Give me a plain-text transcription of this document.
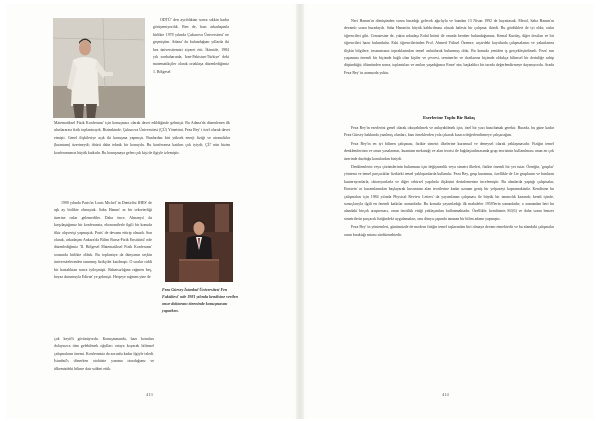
ODTÜ' den ayrıldıktan sonra sıkkin kadar görüşemiyordık. Ben de, bazı arkadaşımla birlikte 1978 yılında Çukurova Üniversitesi' ne geçmiştim. Adana' da bulunduğum yıllarda iki kez üniversitemizi ziyaret etti. İkincide, 1984 yılı sonbaharında, Iran-Pakistan-Türkiye' deki matematikçiler olarak ortaklaşa düzenlediğimiz 1. Bölgesel

Matematiksel Fizik Konferansı' için konuşmacı olarak davet edildiğinde gelmişti. Bu Adana'da düzenlenen ilk uluslararası fizik toplantısıydı. Bizimkinde, Çukurova Üniversitesi (ÇÜ) Yönetimi, Feza Bey' i özel olarak davet etmişti. Genel ilişkileriye açık iki konuşma yapmıştı. Bunlardan biri yüksek enerji fiziği ve atomaltılar (kuantum) üzerineydi; öbürü daha teknik bir konuydu. Bu konferansa katılım çok iyiydi; ÇÜ' nün bizim konferansımız büyük katkıdır. Bu konuşmaya gelen çok kişi de ilgiyle izlemiştir.

1990 yılında Paris'in Louis Michel' in Dentirlist IHES' de aşk ay birlikte olmuştuk. Saba Hanım' ın bir sekreterliği üzerine onlar gelemediler. Daha önce, Almanya' da karşılaştığımız bir konferansta, ekonomilerle ilgili bir konuda fikir alışverişi yapmıştık. Paris' de devamı ettirip olmadı. Son olarak, arkadaşım Ankara'da Bilim Bursa-Fizik Enstitüsü' nde düzenlediğimiz 'II. Bölgesel Matematiksel Fizik Konferansı' sırasında birlikte olduk. Bu toplantıya da dünyanın seçkin üniversitelerinden tanınmış fizikçiler katılmıştı. O sıralar ciddi bir hastalıktan sonra iyileşmişti. Rahatsızlığına rağmen beş, beyaz durumuyla Edirne' ye gelmişti. Herşeye rağmen yine de

Feza Gürsey İstanbul Üniversitesi Fen Fakültesi' nde 1981 yılında kendisine verilen onur doktoranı töreninde konuşmasını yaparken.

çok keyifli görünüyordu. Konuşmasında, bazı konuları dolaysızca tüm gelebilmek oğulları ortaya koyarak bilimsel çalışmaların önemi. Konferansta da zorunlu kadar ilgiyle izledi. İstanbul's dönerken otobüste yanıma oturduğunu ve ülkemizdeki bilime dair sohbet ettik.

413

Neri Hanım'ın dönüşünden sonra buradığı gelecek ağırlıyla ve bundan 13 Nisan 1992 de hayattasuk. Meral, Saba Hanım'ın devamlı sonra buradaydı. Saba Hanım'ın büyük kaldırılması olacak halesiz bir çalışma; ikindi. Bu gördükleri de iyi oldu; onlar öğrencileri gibi. Cenazesine de, yakın arkadaşı Erdal Inönü ile onunla beraber bulunduğumuz, Kemal Kurdaş, diğer dostları ve bir öğrencileri hazır bulundular. Eski öğrencilerinden Prof. Ahmed Yüksel Özemre, arşivdeki kayıtlarda çalışmalarını ve yakınlarına ilişkin bilgilere, insanımızın topraklarından temel anlatılarak bulunmuş oldu. Bu konuda yeniden iş gerçekleştirilmeli. Feza' nın yaşamına önemli bir biçimde bağlı olan kişiler ve çevresi, seminerler ve dostlarına biçimde oldukça bilimsel bir derinliğe sahip düşündüğü; ölümünden sonra, toplantıları ve anıları yaşadığımız Emre' nin, başkaldırı bir tarzda değerlendirmeye dayanıyordu. Arada Feza Bey' in aramızda yoktu.

Eserlerine Toplu Bir Bakış

Feza Bey'in eserlerini genel olarak okuyabilmek ve anlayabilmek için, özel bir yazı hazırlamak gerekir. Burada, bu güne kadar Feza Gürsey hakkında yazılmış olanları, bazı örneklerden yola çıkarak kısaca değerlendirmeye çalışacağım.

Feza Bey'in en iyi bilinen çalışması, fizikte simetri ilkelerine kuramsal ve deneysel olarak yaklaşmasıdır. Fiziğin temel denklemlerinin ve onun yasalarının, kuantum mekaniği ve alan teorisi ile bağdaştırılmasında grup teorisinin kullanılması onun en çok üzerinde durduğu konulardan biriydi.

Denklemlerin veya çözümlerinin bulunması için değişmezlik veya simetri ilkeleri, fizikte önemli bir yer tutar. Örneğin, 'gruplar' yöntemi ve temel parçacıklar fizikteki temel yaklaşımlarda kullanılır. Feza Bey, grup kuramını, özellikle de Lie gruplarını ve bunların kuaternyonlarla, oktonyonlarla ve diğer cebirsel yapılarla ilişkisini derinlemesine incelemiştir. Bu alanlarda yaptığı çalışmalar, Einstein' ın kuramlarından başlayarak kuvantum alan teorilerine kadar uzanan geniş bir yelpazeyi kapsamaktadır. Kendisine bu çalışmaları için 1984 yılında Physical Review Letters' da yayımlanan çalışması ile büyük bir tanınırlık kazandı; kendi içinde, sonuçlarıyla ilgili en önemli katkılar arasındadır. Bu konuda yayımladığı ilk makaleler 1950'lerin sonundadır; o zamandan beri bu alandaki birçok araştırmacı, onun öncülük ettiği yaklaşımları kullanmaktadır. Özellikle, kendisinin SU(6) ve daha sonra benzer simetrilerin parçacık fiziğindeki uygulamaları, onu dünya çapında tanınan bir bilim adamı yapmıştır.

Feza Bey' in yöntemleri, günümüzde de modern fiziğin temel taşlarından biri olmaya devam etmektedir ve bu alandaki çalışmalar onun bıraktığı mirası sürdürmektedir.

414
